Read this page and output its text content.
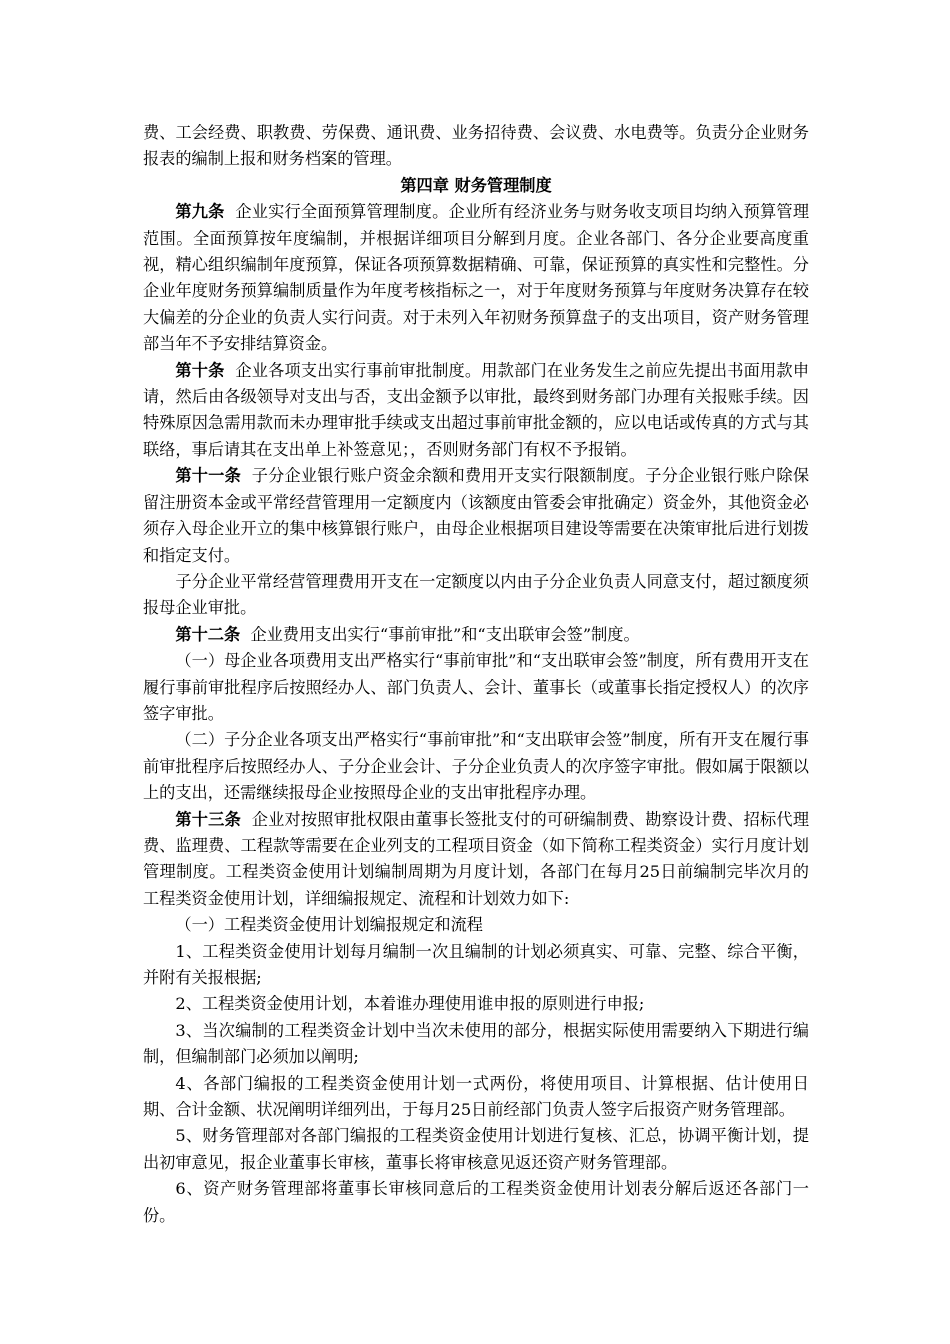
费、工会经费、职教费、劳保费、通讯费、业务招待费、会议费、水电费等。负责分企业财务报表的编制上报和财务档案的管理。

第四章 财务管理制度

第九条 企业实行全面预算管理制度。企业所有经济业务与财务收支项目均纳入预算管理范围。全面预算按年度编制，并根据详细项目分解到月度。企业各部门、各分企业要高度重视，精心组织编制年度预算，保证各项预算数据精确、可靠，保证预算的真实性和完整性。分企业年度财务预算编制质量作为年度考核指标之一，对于年度财务预算与年度财务决算存在较大偏差的分企业的负责人实行问责。对于未列入年初财务预算盘子的支出项目，资产财务管理部当年不予安排结算资金。

第十条 企业各项支出实行事前审批制度。用款部门在业务发生之前应先提出书面用款申请，然后由各级领导对支出与否，支出金额予以审批，最终到财务部门办理有关报账手续。因特殊原因急需用款而未办理审批手续或支出超过事前审批金额的，应以电话或传真的方式与其联络，事后请其在支出单上补签意见；，否则财务部门有权不予报销。

第十一条 子分企业银行账户资金余额和费用开支实行限额制度。子分企业银行账户除保留注册资本金或平常经营管理用一定额度内（该额度由管委会审批确定）资金外，其他资金必须存入母企业开立的集中核算银行账户，由母企业根据项目建设等需要在决策审批后进行划拨和指定支付。

子分企业平常经营管理费用开支在一定额度以内由子分企业负责人同意支付，超过额度须报母企业审批。

第十二条 企业费用支出实行“事前审批”和“支出联审会签”制度。

（一）母企业各项费用支出严格实行“事前审批”和“支出联审会签”制度，所有费用开支在履行事前审批程序后按照经办人、部门负责人、会计、董事长（或董事长指定授权人）的次序签字审批。

（二）子分企业各项支出严格实行“事前审批”和“支出联审会签”制度，所有开支在履行事前审批程序后按照经办人、子分企业会计、子分企业负责人的次序签字审批。假如属于限额以上的支出，还需继续报母企业按照母企业的支出审批程序办理。

第十三条 企业对按照审批权限由董事长签批支付的可研编制费、勘察设计费、招标代理费、监理费、工程款等需要在企业列支的工程项目资金（如下简称工程类资金）实行月度计划管理制度。工程类资金使用计划编制周期为月度计划，各部门在每月25日前编制完毕次月的工程类资金使用计划，详细编报规定、流程和计划效力如下:

（一）工程类资金使用计划编报规定和流程

1、工程类资金使用计划每月编制一次且编制的计划必须真实、可靠、完整、综合平衡，并附有关报根据;

2、工程类资金使用计划，本着谁办理使用谁申报的原则进行申报;

3、当次编制的工程类资金计划中当次未使用的部分，根据实际使用需要纳入下期进行编制，但编制部门必须加以阐明;

4、各部门编报的工程类资金使用计划一式两份，将使用项目、计算根据、估计使用日期、合计金额、状况阐明详细列出，于每月25日前经部门负责人签字后报资产财务管理部。

5、财务管理部对各部门编报的工程类资金使用计划进行复核、汇总，协调平衡计划，提出初审意见，报企业董事长审核，董事长将审核意见返还资产财务管理部。

6、资产财务管理部将董事长审核同意后的工程类资金使用计划表分解后返还各部门一份。
